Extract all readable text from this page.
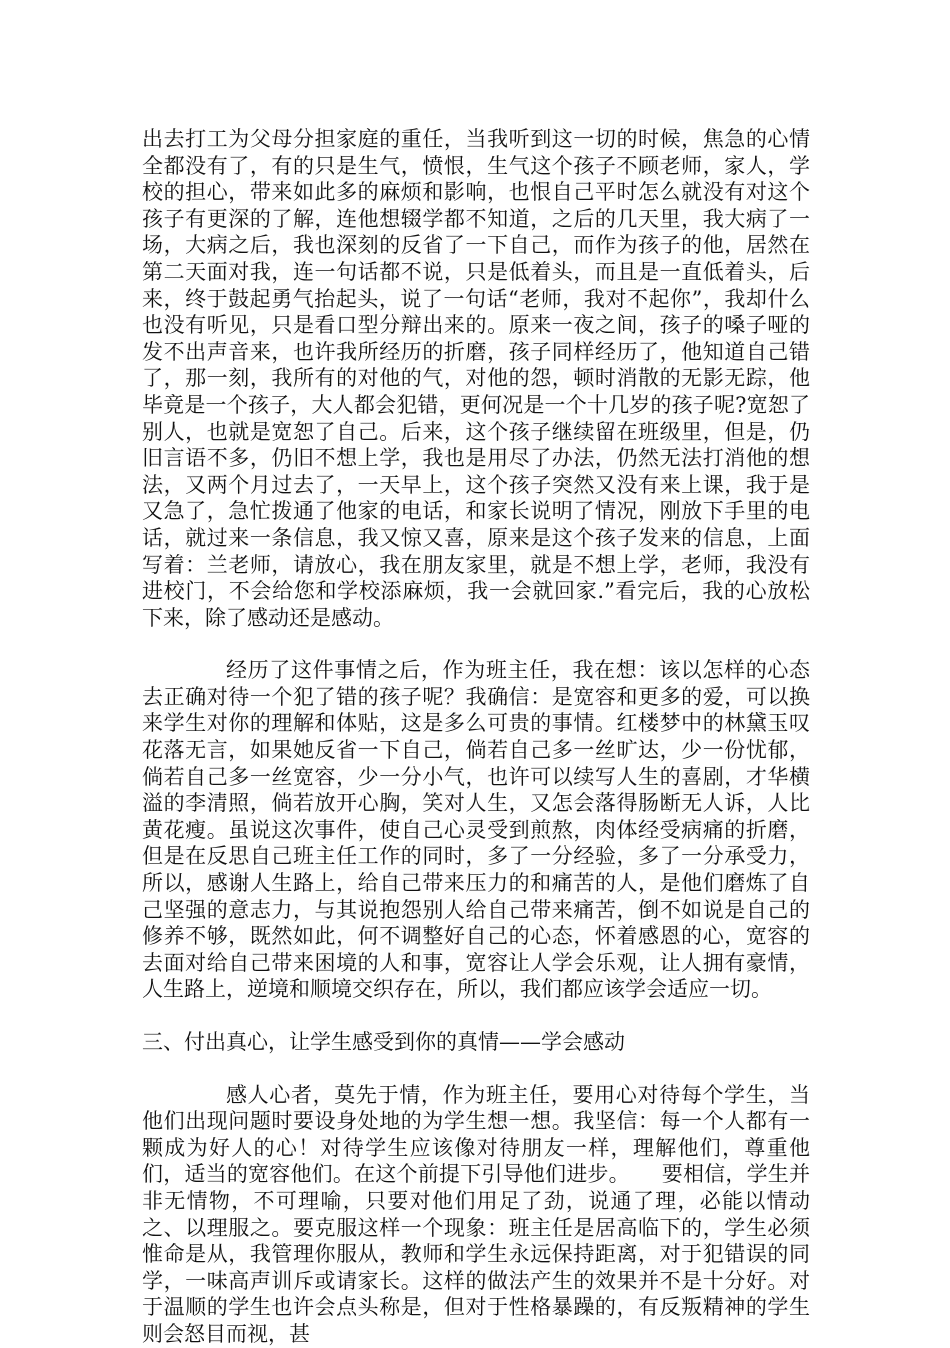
出去打工为父母分担家庭的重任，当我听到这一切的时候，焦急的心情全都没有了，有的只是生气，愤恨，生气这个孩子不顾老师，家人，学校的担心，带来如此多的麻烦和影响，也恨自己平时怎么就没有对这个孩子有更深的了解，连他想辍学都不知道，之后的几天里，我大病了一场，大病之后，我也深刻的反省了一下自己，而作为孩子的他，居然在第二天面对我，连一句话都不说，只是低着头，而且是一直低着头，后来，终于鼓起勇气抬起头，说了一句话“老师，我对不起你”，我却什么也没有听见，只是看口型分辩出来的。原来一夜之间，孩子的嗓子哑的发不出声音来，也许我所经历的折磨，孩子同样经历了，他知道自己错了，那一刻，我所有的对他的气，对他的怨，顿时消散的无影无踪，他毕竟是一个孩子，大人都会犯错，更何况是一个十几岁的孩子呢?宽恕了别人，也就是宽恕了自己。后来，这个孩子继续留在班级里，但是，仍旧言语不多，仍旧不想上学，我也是用尽了办法，仍然无法打消他的想法，又两个月过去了，一天早上，这个孩子突然又没有来上课，我于是又急了，急忙拨通了他家的电话，和家长说明了情况，刚放下手里的电话，就过来一条信息，我又惊又喜，原来是这个孩子发来的信息，上面写着：兰老师，请放心，我在朋友家里，就是不想上学，老师，我没有进校门，不会给您和学校添麻烦，我一会就回家.”看完后，我的心放松下来，除了感动还是感动。

经历了这件事情之后，作为班主任，我在想：该以怎样的心态去正确对待一个犯了错的孩子呢？我确信：是宽容和更多的爱，可以换来学生对你的理解和体贴，这是多么可贵的事情。红楼梦中的林黛玉叹花落无言，如果她反省一下自己，倘若自己多一丝旷达，少一份忧郁，倘若自己多一丝宽容，少一分小气，也许可以续写人生的喜剧，才华横溢的李清照，倘若放开心胸，笑对人生，又怎会落得肠断无人诉，人比黄花瘦。虽说这次事件，使自己心灵受到煎熬，肉体经受病痛的折磨，但是在反思自己班主任工作的同时，多了一分经验，多了一分承受力，所以，感谢人生路上，给自己带来压力的和痛苦的人，是他们磨炼了自己坚强的意志力，与其说抱怨别人给自己带来痛苦，倒不如说是自己的修养不够，既然如此，何不调整好自己的心态，怀着感恩的心，宽容的去面对给自己带来困境的人和事，宽容让人学会乐观，让人拥有豪情，人生路上，逆境和顺境交织存在，所以，我们都应该学会适应一切。

三、付出真心，让学生感受到你的真情——学会感动

感人心者，莫先于情，作为班主任，要用心对待每个学生，当他们出现问题时要设身处地的为学生想一想。我坚信：每一个人都有一颗成为好人的心！对待学生应该像对待朋友一样，理解他们，尊重他们，适当的宽容他们。在这个前提下引导他们进步。　　要相信，学生并非无情物，不可理喻，只要对他们用足了劲，说通了理，必能以情动之、以理服之。要克服这样一个现象：班主任是居高临下的，学生必须惟命是从，我管理你服从，教师和学生永远保持距离，对于犯错误的同学，一味高声训斥或请家长。这样的做法产生的效果并不是十分好。对于温顺的学生也许会点头称是，但对于性格暴躁的，有反叛精神的学生则会怒目而视，甚
